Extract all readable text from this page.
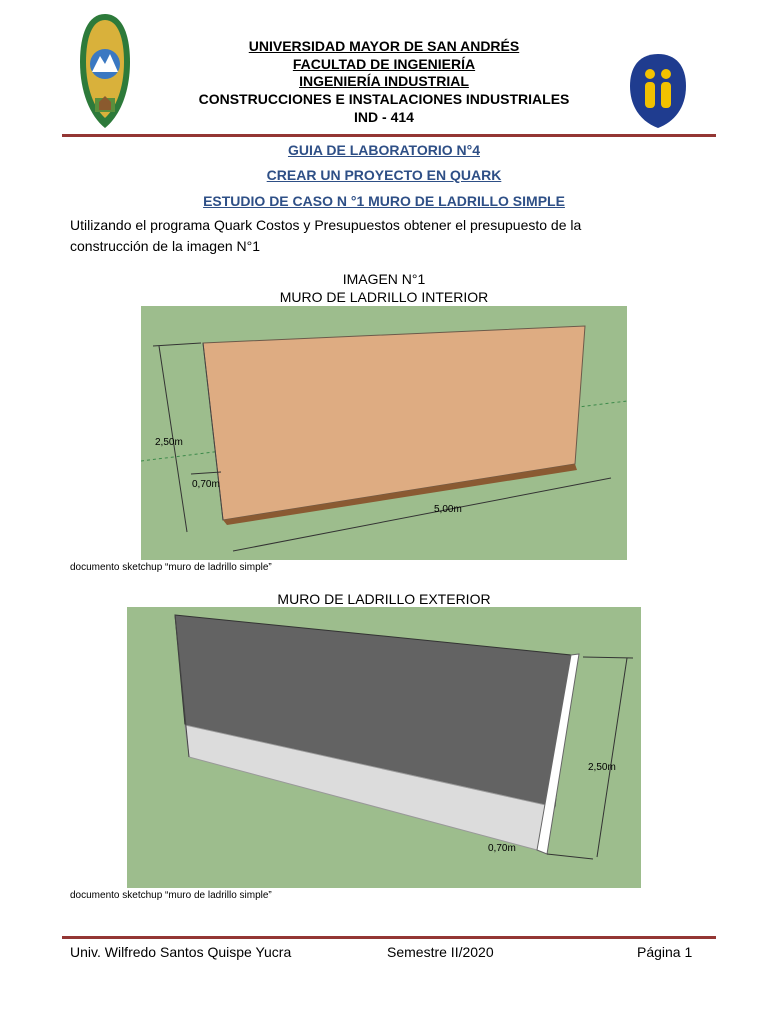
UNIVERSIDAD MAYOR DE SAN ANDRÉS
FACULTAD DE INGENIERÍA
INGENIERÍA INDUSTRIAL
CONSTRUCCIONES E INSTALACIONES INDUSTRIALES
IND - 414
GUIA DE LABORATORIO N°4
CREAR UN PROYECTO EN QUARK
ESTUDIO DE CASO N °1 MURO DE LADRILLO SIMPLE
Utilizando el programa Quark Costos y Presupuestos obtener el presupuesto de la construcción de la imagen N°1
IMAGEN N°1
MURO DE LADRILLO INTERIOR
2,50m
0,70m
5,00m
documento sketchup “muro de ladrillo simple”
MURO DE LADRILLO EXTERIOR
2,50m
0,70m
documento sketchup “muro de ladrillo simple”
Univ. Wilfredo Santos Quispe Yucra	Semestre II/2020	Página 1
